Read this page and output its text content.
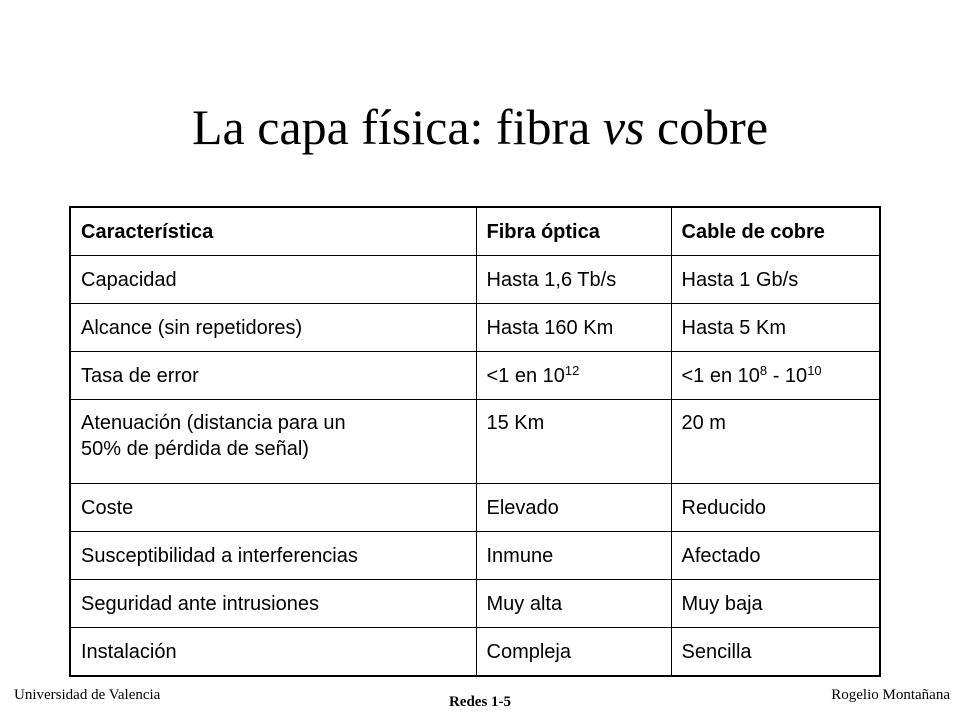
La capa física: fibra vs cobre
Característica	Fibra óptica	Cable de cobre
Capacidad	Hasta 1,6 Tb/s	Hasta 1 Gb/s
Alcance (sin repetidores)	Hasta 160 Km	Hasta 5 Km
Tasa de error	<1 en $10^{12}$	<1 en $10^8 - 10^{10}$
Atenuación (distancia para un
50% de pérdida de señal)	15 Km	20 m
Coste	Elevado	Reducido
Susceptibilidad a interferencias	Inmune	Afectado
Seguridad ante intrusiones	Muy alta	Muy baja
Instalación	Compleja	Sencilla
Universidad de Valencia	Redes 1-5	Rogelio Montañana
